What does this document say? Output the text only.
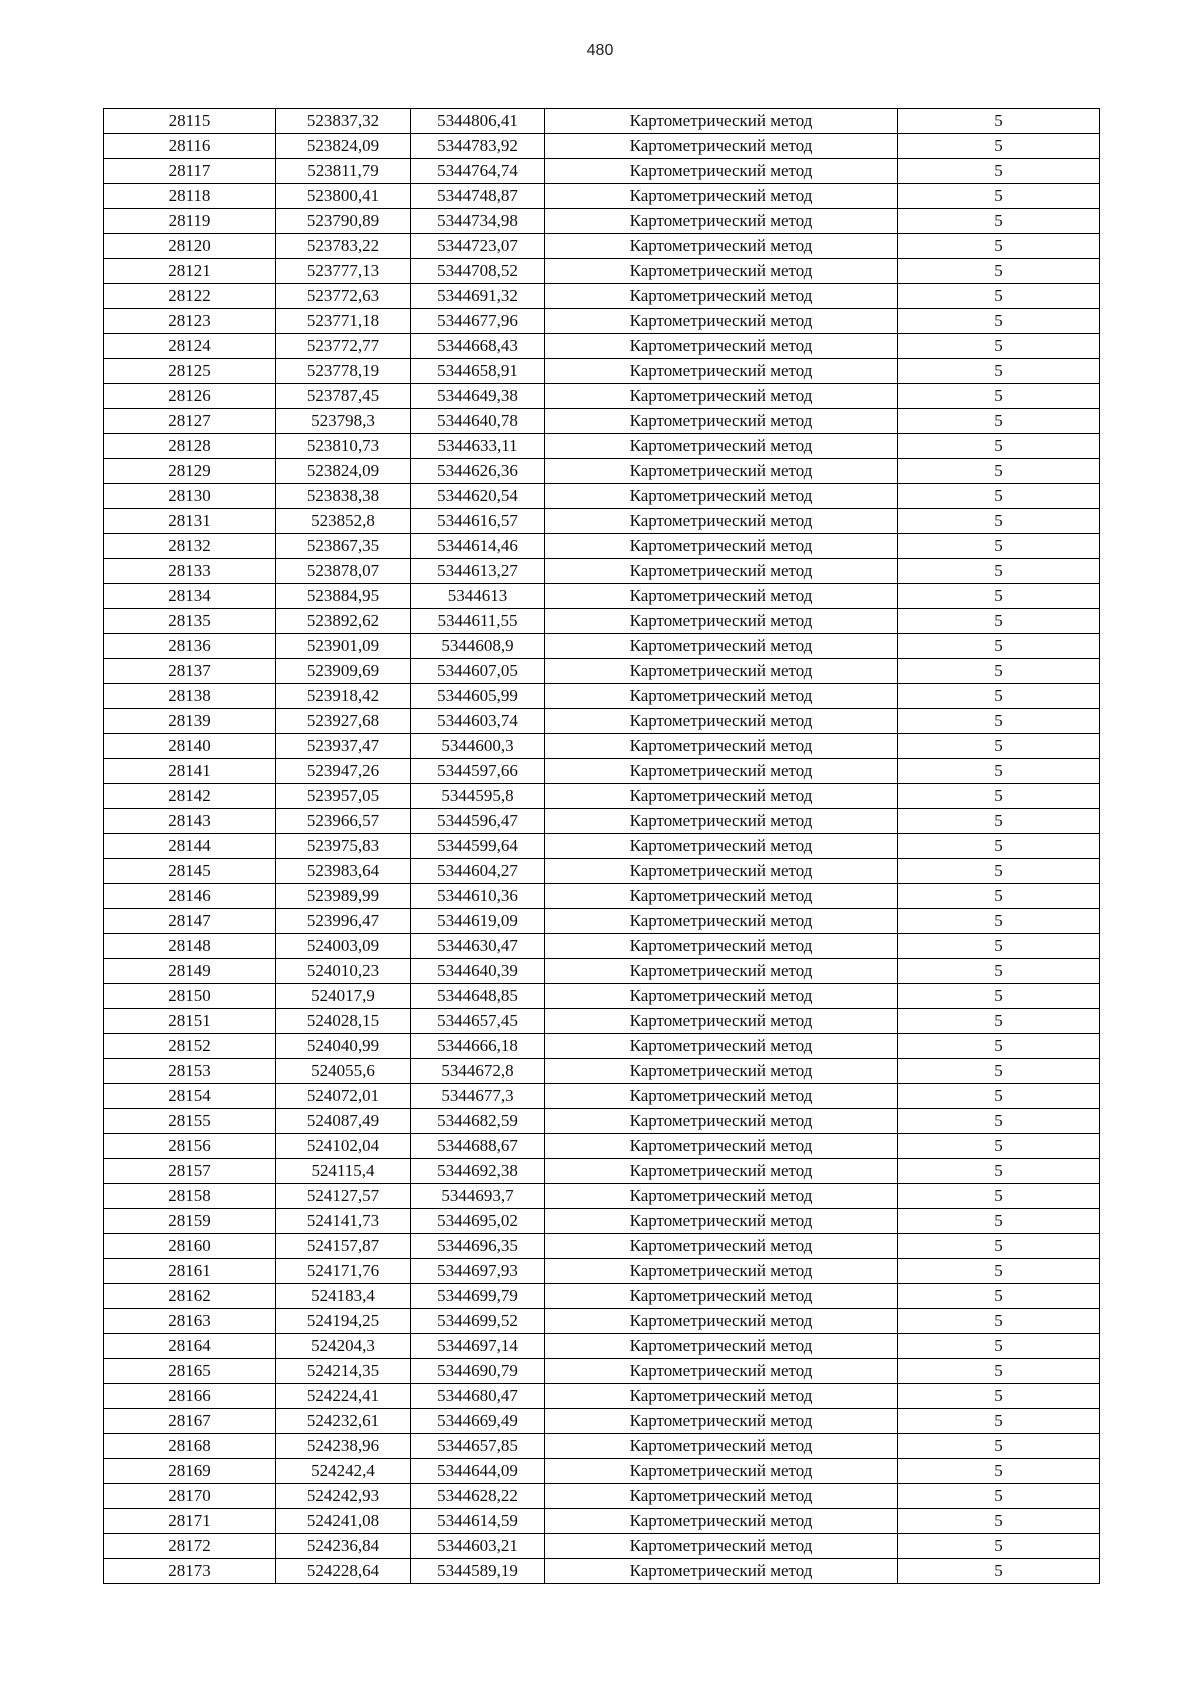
480
28115	523837,32	5344806,41	Картометрический метод	5
28116	523824,09	5344783,92	Картометрический метод	5
28117	523811,79	5344764,74	Картометрический метод	5
28118	523800,41	5344748,87	Картометрический метод	5
28119	523790,89	5344734,98	Картометрический метод	5
28120	523783,22	5344723,07	Картометрический метод	5
28121	523777,13	5344708,52	Картометрический метод	5
28122	523772,63	5344691,32	Картометрический метод	5
28123	523771,18	5344677,96	Картометрический метод	5
28124	523772,77	5344668,43	Картометрический метод	5
28125	523778,19	5344658,91	Картометрический метод	5
28126	523787,45	5344649,38	Картометрический метод	5
28127	523798,3	5344640,78	Картометрический метод	5
28128	523810,73	5344633,11	Картометрический метод	5
28129	523824,09	5344626,36	Картометрический метод	5
28130	523838,38	5344620,54	Картометрический метод	5
28131	523852,8	5344616,57	Картометрический метод	5
28132	523867,35	5344614,46	Картометрический метод	5
28133	523878,07	5344613,27	Картометрический метод	5
28134	523884,95	5344613	Картометрический метод	5
28135	523892,62	5344611,55	Картометрический метод	5
28136	523901,09	5344608,9	Картометрический метод	5
28137	523909,69	5344607,05	Картометрический метод	5
28138	523918,42	5344605,99	Картометрический метод	5
28139	523927,68	5344603,74	Картометрический метод	5
28140	523937,47	5344600,3	Картометрический метод	5
28141	523947,26	5344597,66	Картометрический метод	5
28142	523957,05	5344595,8	Картометрический метод	5
28143	523966,57	5344596,47	Картометрический метод	5
28144	523975,83	5344599,64	Картометрический метод	5
28145	523983,64	5344604,27	Картометрический метод	5
28146	523989,99	5344610,36	Картометрический метод	5
28147	523996,47	5344619,09	Картометрический метод	5
28148	524003,09	5344630,47	Картометрический метод	5
28149	524010,23	5344640,39	Картометрический метод	5
28150	524017,9	5344648,85	Картометрический метод	5
28151	524028,15	5344657,45	Картометрический метод	5
28152	524040,99	5344666,18	Картометрический метод	5
28153	524055,6	5344672,8	Картометрический метод	5
28154	524072,01	5344677,3	Картометрический метод	5
28155	524087,49	5344682,59	Картометрический метод	5
28156	524102,04	5344688,67	Картометрический метод	5
28157	524115,4	5344692,38	Картометрический метод	5
28158	524127,57	5344693,7	Картометрический метод	5
28159	524141,73	5344695,02	Картометрический метод	5
28160	524157,87	5344696,35	Картометрический метод	5
28161	524171,76	5344697,93	Картометрический метод	5
28162	524183,4	5344699,79	Картометрический метод	5
28163	524194,25	5344699,52	Картометрический метод	5
28164	524204,3	5344697,14	Картометрический метод	5
28165	524214,35	5344690,79	Картометрический метод	5
28166	524224,41	5344680,47	Картометрический метод	5
28167	524232,61	5344669,49	Картометрический метод	5
28168	524238,96	5344657,85	Картометрический метод	5
28169	524242,4	5344644,09	Картометрический метод	5
28170	524242,93	5344628,22	Картометрический метод	5
28171	524241,08	5344614,59	Картометрический метод	5
28172	524236,84	5344603,21	Картометрический метод	5
28173	524228,64	5344589,19	Картометрический метод	5
